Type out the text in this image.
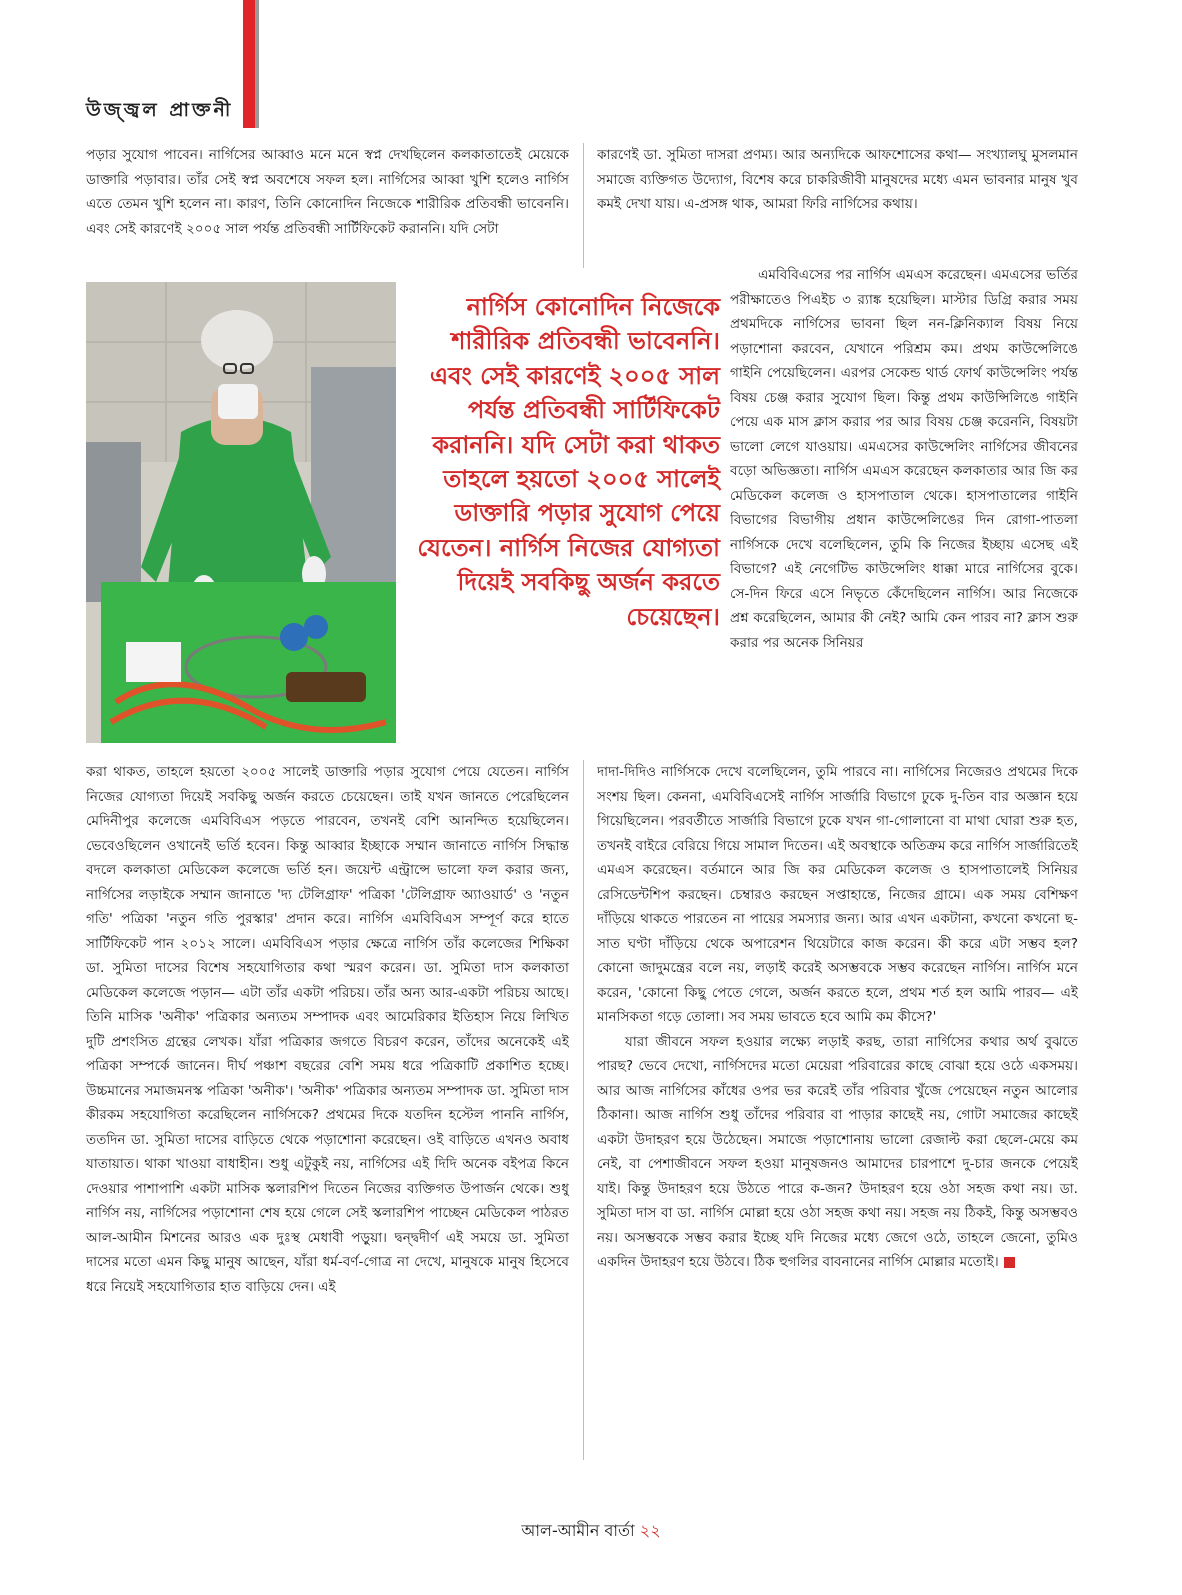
উজ্জ্বল প্রাক্তনী

পড়ার সুযোগ পাবেন। নার্গিসের আব্বাও মনে মনে স্বপ্ন দেখছিলেন কলকাতাতেই মেয়েকে ডাক্তারি পড়াবার। তাঁর সেই স্বপ্ন অবশেষে সফল হল। নার্গিসের আব্বা খুশি হলেও নার্গিস এতে তেমন খুশি হলেন না। কারণ, তিনি কোনোদিন নিজেকে শারীরিক প্রতিবন্ধী ভাবেননি। এবং সেই কারণেই ২০০৫ সাল পর্যন্ত প্রতিবন্ধী সার্টিফিকেট করাননি। যদি সেটা

কারণেই ডা. সুমিতা দাসরা প্রণম্য। আর অন্যদিকে আফশোসের কথা— সংখ্যালঘু মুসলমান সমাজে ব্যক্তিগত উদ্যোগ, বিশেষ করে চাকরিজীবী মানুষদের মধ্যে এমন ভাবনার মানুষ খুব কমই দেখা যায়। এ-প্রসঙ্গ থাক, আমরা ফিরি নার্গিসের কথায়।

এমবিবিএসের পর নার্গিস এমএস করেছেন। এমএসের ভর্তির পরীক্ষাতেও পিএইচ ৩ র‍্যাঙ্ক হয়েছিল। মাস্টার ডিগ্রি করার সময় প্রথমদিকে নার্গিসের ভাবনা ছিল নন-ক্লিনিক্যাল বিষয় নিয়ে পড়াশোনা করবেন, যেখানে পরিশ্রম কম। প্রথম কাউন্সেলিঙে গাইনি পেয়েছিলেন। এরপর সেকেন্ড থার্ড ফোর্থ কাউন্সেলিং পর্যন্ত বিষয় চেঞ্জ করার সুযোগ ছিল। কিন্তু প্রথম কাউন্সিলিঙে গাইনি পেয়ে এক মাস ক্লাস করার পর আর বিষয় চেঞ্জ করেননি, বিষয়টা ভালো লেগে যাওয়ায়। এমএসের কাউন্সেলিং নার্গিসের জীবনের বড়ো অভিজ্ঞতা। নার্গিস এমএস করেছেন কলকাতার আর জি কর মেডিকেল কলেজ ও হাসপাতাল থেকে। হাসপাতালের গাইনি বিভাগের বিভাগীয় প্রধান কাউন্সেলিঙের দিন রোগা-পাতলা নার্গিসকে দেখে বলেছিলেন, তুমি কি নিজের ইচ্ছায় এসেছ এই বিভাগে? এই নেগেটিভ কাউন্সেলিং ধাক্কা মারে নার্গিসের বুকে। সে-দিন ফিরে এসে নিভৃতে কেঁদেছিলেন নার্গিস। আর নিজেকে প্রশ্ন করেছিলেন, আমার কী নেই? আমি কেন পারব না? ক্লাস শুরু করার পর অনেক সিনিয়র

নার্গিস কোনোদিন নিজেকে শারীরিক প্রতিবন্ধী ভাবেননি। এবং সেই কারণেই ২০০৫ সাল পর্যন্ত প্রতিবন্ধী সার্টিফিকেট করাননি। যদি সেটা করা থাকত তাহলে হয়তো ২০০৫ সালেই ডাক্তারি পড়ার সুযোগ পেয়ে যেতেন। নার্গিস নিজের যোগ্যতা দিয়েই সবকিছু অর্জন করতে চেয়েছেন।

করা থাকত, তাহলে হয়তো ২০০৫ সালেই ডাক্তারি পড়ার সুযোগ পেয়ে যেতেন। নার্গিস নিজের যোগ্যতা দিয়েই সবকিছু অর্জন করতে চেয়েছেন। তাই যখন জানতে পেরেছিলেন মেদিনীপুর কলেজে এমবিবিএস পড়তে পারবেন, তখনই বেশি আনন্দিত হয়েছিলেন। ভেবেওছিলেন ওখানেই ভর্তি হবেন। কিন্তু আব্বার ইচ্ছাকে সম্মান জানাতে নার্গিস সিদ্ধান্ত বদলে কলকাতা মেডিকেল কলেজে ভর্তি হন। জয়েন্ট এন্ট্রান্সে ভালো ফল করার জন্য, নার্গিসের লড়াইকে সম্মান জানাতে 'দ্য টেলিগ্রাফ' পত্রিকা 'টেলিগ্রাফ অ্যাওয়ার্ড' ও 'নতুন গতি' পত্রিকা 'নতুন গতি পুরস্কার' প্রদান করে। নার্গিস এমবিবিএস সম্পূর্ণ করে হাতে সার্টিফিকেট পান ২০১২ সালে। এমবিবিএস পড়ার ক্ষেত্রে নার্গিস তাঁর কলেজের শিক্ষিকা ডা. সুমিতা দাসের বিশেষ সহযোগিতার কথা স্মরণ করেন। ডা. সুমিতা দাস কলকাতা মেডিকেল কলেজে পড়ান— এটা তাঁর একটা পরিচয়। তাঁর অন্য আর-একটা পরিচয় আছে। তিনি মাসিক 'অনীক' পত্রিকার অন্যতম সম্পাদক এবং আমেরিকার ইতিহাস নিয়ে লিখিত দুটি প্রশংসিত গ্রন্থের লেখক। যাঁরা পত্রিকার জগতে বিচরণ করেন, তাঁদের অনেকেই এই পত্রিকা সম্পর্কে জানেন। দীর্ঘ পঞ্চাশ বছরের বেশি সময় ধরে পত্রিকাটি প্রকাশিত হচ্ছে। উচ্চমানের সমাজমনস্ক পত্রিকা 'অনীক'। 'অনীক' পত্রিকার অন্যতম সম্পাদক ডা. সুমিতা দাস কীরকম সহযোগিতা করেছিলেন নার্গিসকে? প্রথমের দিকে যতদিন হস্টেল পাননি নার্গিস, ততদিন ডা. সুমিতা দাসের বাড়িতে থেকে পড়াশোনা করেছেন। ওই বাড়িতে এখনও অবাধ যাতায়াত। থাকা খাওয়া বাধাহীন। শুধু এটুকুই নয়, নার্গিসের এই দিদি অনেক বইপত্র কিনে দেওয়ার পাশাপাশি একটা মাসিক স্কলারশিপ দিতেন নিজের ব্যক্তিগত উপার্জন থেকে। শুধু নার্গিস নয়, নার্গিসের পড়াশোনা শেষ হয়ে গেলে সেই স্কলারশিপ পাচ্ছেন মেডিকেল পাঠরত আল-আমীন মিশনের আরও এক দুঃস্থ মেধাবী পড়ুয়া। দ্বন্দ্বদীর্ণ এই সময়ে ডা. সুমিতা দাসের মতো এমন কিছু মানুষ আছেন, যাঁরা ধর্ম-বর্ণ-গোত্র না দেখে, মানুষকে মানুষ হিসেবে ধরে নিয়েই সহযোগিতার হাত বাড়িয়ে দেন। এই

দাদা-দিদিও নার্গিসকে দেখে বলেছিলেন, তুমি পারবে না। নার্গিসের নিজেরও প্রথমের দিকে সংশয় ছিল। কেননা, এমবিবিএসেই নার্গিস সার্জারি বিভাগে ঢুকে দু-তিন বার অজ্ঞান হয়ে গিয়েছিলেন। পরবর্তীতে সার্জারি বিভাগে ঢুকে যখন গা-গোলানো বা মাথা ঘোরা শুরু হত, তখনই বাইরে বেরিয়ে গিয়ে সামাল দিতেন। এই অবস্থাকে অতিক্রম করে নার্গিস সার্জারিতেই এমএস করেছেন। বর্তমানে আর জি কর মেডিকেল কলেজ ও হাসপাতালেই সিনিয়র রেসিডেন্টশিপ করছেন। চেম্বারও করছেন সপ্তাহান্তে, নিজের গ্রামে। এক সময় বেশিক্ষণ দাঁড়িয়ে থাকতে পারতেন না পায়ের সমস্যার জন্য। আর এখন একটানা, কখনো কখনো ছ-সাত ঘণ্টা দাঁড়িয়ে থেকে অপারেশন থিয়েটারে কাজ করেন। কী করে এটা সম্ভব হল? কোনো জাদুমন্ত্রের বলে নয়, লড়াই করেই অসম্ভবকে সম্ভব করেছেন নার্গিস। নার্গিস মনে করেন, 'কোনো কিছু পেতে গেলে, অর্জন করতে হলে, প্রথম শর্ত হল আমি পারব— এই মানসিকতা গড়ে তোলা। সব সময় ভাবতে হবে আমি কম কীসে?'

যারা জীবনে সফল হওয়ার লক্ষ্যে লড়াই করছ, তারা নার্গিসের কথার অর্থ বুঝতে পারছ? ভেবে দেখো, নার্গিসদের মতো মেয়েরা পরিবারের কাছে বোঝা হয়ে ওঠে একসময়। আর আজ নার্গিসের কাঁধের ওপর ভর করেই তাঁর পরিবার খুঁজে পেয়েছেন নতুন আলোর ঠিকানা। আজ নার্গিস শুধু তাঁদের পরিবার বা পাড়ার কাছেই নয়, গোটা সমাজের কাছেই একটা উদাহরণ হয়ে উঠেছেন। সমাজে পড়াশোনায় ভালো রেজাল্ট করা ছেলে-মেয়ে কম নেই, বা পেশাজীবনে সফল হওয়া মানুষজনও আমাদের চারপাশে দু-চার জনকে পেয়েই যাই। কিন্তু উদাহরণ হয়ে উঠতে পারে ক-জন? উদাহরণ হয়ে ওঠা সহজ কথা নয়। ডা. সুমিতা দাস বা ডা. নার্গিস মোল্লা হয়ে ওঠা সহজ কথা নয়। সহজ নয় ঠিকই, কিন্তু অসম্ভবও নয়। অসম্ভবকে সম্ভব করার ইচ্ছে যদি নিজের মধ্যে জেগে ওঠে, তাহলে জেনো, তুমিও একদিন উদাহরণ হয়ে উঠবে। ঠিক হুগলির বাবনানের নার্গিস মোল্লার মতোই।

আল-আমীন বার্তা ২২
